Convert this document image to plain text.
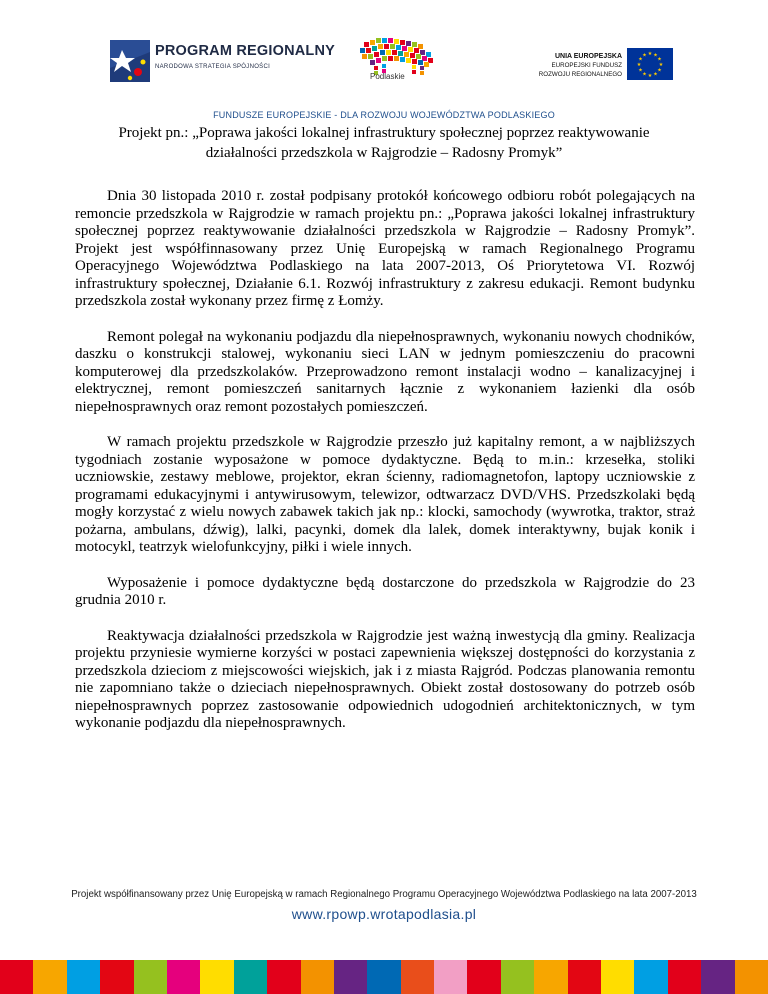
PROGRAM REGIONALNY
NARODOWA STRATEGIA SPÓJNOŚCI
Podlaskie
UNIA EUROPEJSKA
EUROPEJSKI FUNDUSZ
ROZWOJU REGIONALNEGO
★ ★
★
★
★
★
★
★
★
★
★
★
FUNDUSZE EUROPEJSKIE - DLA ROZWOJU WOJEWÓDZTWA PODLASKIEGO
Projekt pn.: „Poprawa jakości lokalnej infrastruktury społecznej poprzez reaktywowanie
działalności przedszkola w Rajgrodzie – Radosny Promyk”

Dnia 30 listopada 2010 r. został podpisany protokół końcowego odbioru robót polegających na remoncie przedszkola w Rajgrodzie w ramach projektu pn.: „Poprawa jakości lokalnej infrastruktury społecznej poprzez reaktywowanie działalności przedszkola w Rajgrodzie – Radosny Promyk”. Projekt jest współfinnasowany przez Unię Europejską w ramach Regionalnego Programu Operacyjnego Województwa Podlaskiego na lata 2007-2013, Oś Priorytetowa VI. Rozwój infrastruktury społecznej, Działanie 6.1. Rozwój infrastruktury z zakresu edukacji. Remont budynku przedszkola został wykonany przez firmę z Łomży.

Remont polegał na wykonaniu podjazdu dla niepełnosprawnych, wykonaniu nowych chodników, daszku o konstrukcji stalowej, wykonaniu sieci LAN w jednym pomieszczeniu do pracowni komputerowej dla przedszkolaków. Przeprowadzono remont instalacji wodno – kanalizacyjnej i elektrycznej, remont pomieszczeń sanitarnych łącznie z wykonaniem łazienki dla osób niepełnosprawnych oraz remont pozostałych pomieszczeń.

W ramach projektu przedszkole w Rajgrodzie przeszło już kapitalny remont, a w najbliższych tygodniach zostanie wyposażone w pomoce dydaktyczne. Będą to m.in.: krzesełka, stoliki uczniowskie, zestawy meblowe, projektor, ekran ścienny, radiomagnetofon, laptopy uczniowskie z programami edukacyjnymi i antywirusowym, telewizor, odtwarzacz DVD/VHS. Przedszkolaki będą mogły korzystać z wielu nowych zabawek takich jak np.: klocki, samochody (wywrotka, traktor, straż pożarna, ambulans, dźwig), lalki, pacynki, domek dla lalek, domek interaktywny, bujak konik i motocykl, teatrzyk wielofunkcyjny, piłki i wiele innych.

Wyposażenie i pomoce dydaktyczne będą dostarczone do przedszkola w Rajgrodzie do 23 grudnia 2010 r.

Reaktywacja działalności przedszkola w Rajgrodzie jest ważną inwestycją dla gminy. Realizacja projektu przyniesie wymierne korzyści w postaci zapewnienia większej dostępności do korzystania z przedszkola dzieciom z miejscowości wiejskich, jak i z miasta Rajgród. Podczas planowania remontu nie zapomniano także o dzieciach niepełnosprawnych. Obiekt został dostosowany do potrzeb osób niepełnosprawnych poprzez zastosowanie odpowiednich udogodnień architektonicznych, w tym wykonanie podjazdu dla niepełnosprawnych.

Projekt współfinansowany przez Unię Europejską w ramach Regionalnego Programu Operacyjnego Województwa Podlaskiego na lata 2007-2013
www.rpowp.wrotapodlasia.pl
